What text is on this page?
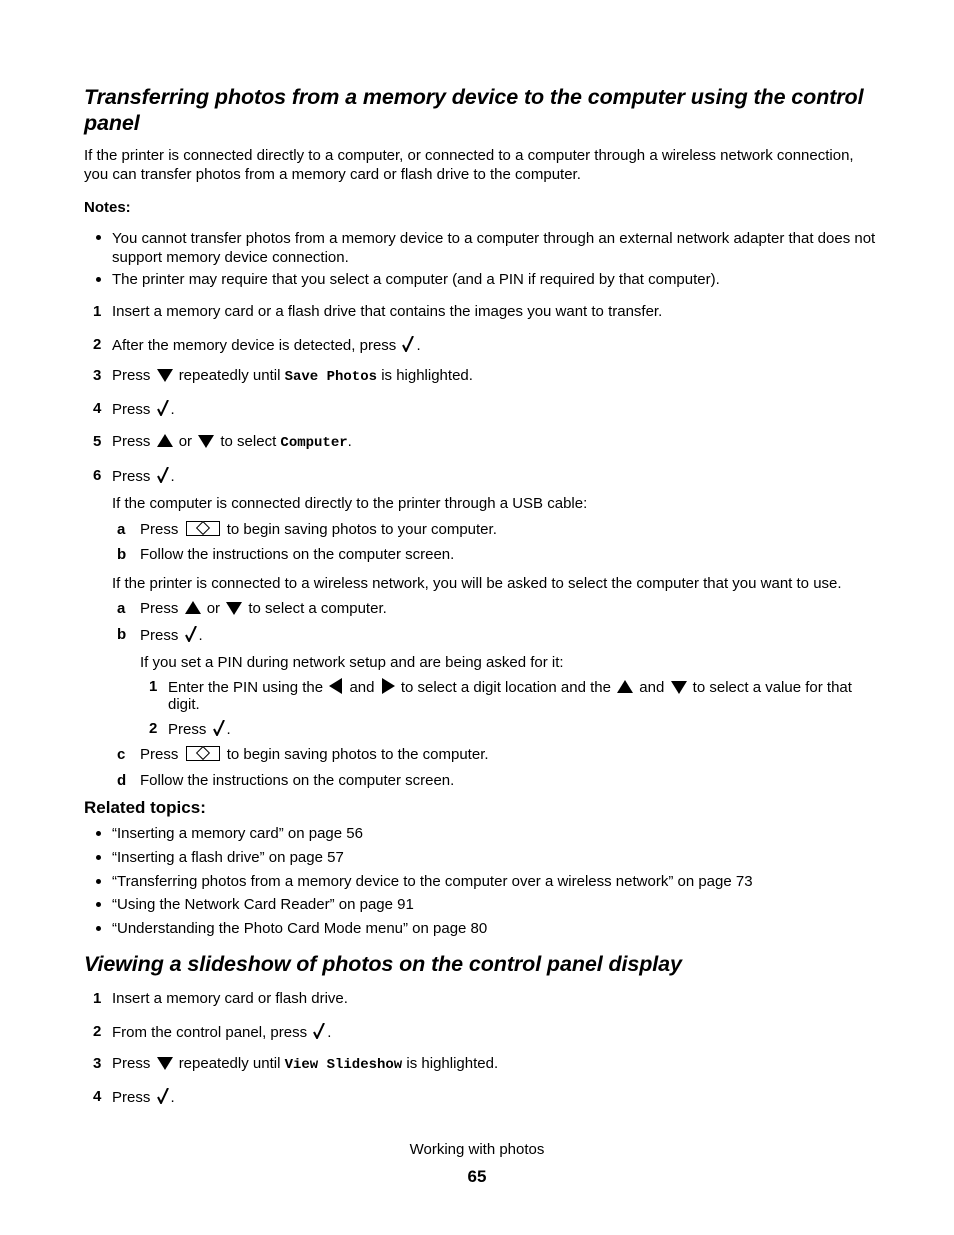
Transferring photos from a memory device to the computer using the control
panel
If the printer is connected directly to a computer, or connected to a computer through a wireless network connection, you can transfer photos from a memory card or flash drive to the computer.
Notes:
You cannot transfer photos from a memory device to a computer through an external network adapter that does not support memory device connection.
The printer may require that you select a computer (and a PIN if required by that computer).
1 Insert a memory card or a flash drive that contains the images you want to transfer.
2 After the memory device is detected, press .
3 Press repeatedly until Save Photos is highlighted.
4 Press .
5 Press or to select Computer.
6 Press .
If the computer is connected directly to the printer through a USB cable:
a Press	to begin saving photos to your computer.
b Follow the instructions on the computer screen.
If the printer is connected to a wireless network, you will be asked to select the computer that you want to use.
a Press or to select a computer.
b Press .
If you set a PIN during network setup and are being asked for it:
1 Enter the PIN using the and to select a digit location and the and to select a value for that
digit.
2 Press .
c Press	to begin saving photos to the computer.
d Follow the instructions on the computer screen.
Related topics:
“Inserting a memory card” on page 56
“Inserting a flash drive” on page 57
“Transferring photos from a memory device to the computer over a wireless network” on page 73
“Using the Network Card Reader” on page 91
“Understanding the Photo Card Mode menu” on page 80
Viewing a slideshow of photos on the control panel display
1 Insert a memory card or flash drive.
2 From the control panel, press .
3 Press repeatedly until View Slideshow is highlighted.
4 Press .
Working with photos
65
